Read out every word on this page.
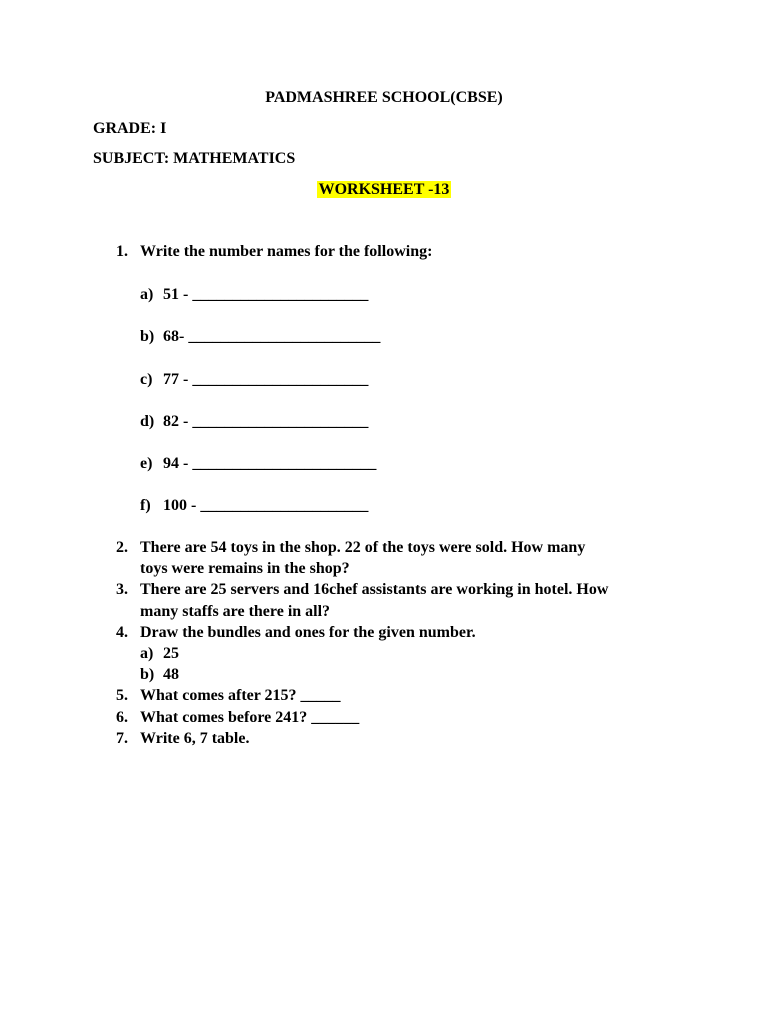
PADMASHREE SCHOOL(CBSE)
GRADE: I
SUBJECT: MATHEMATICS
WORKSHEET -13
1. Write the number names for the following:
a) 51 - ______________________
b) 68- ________________________
c) 77 - ______________________
d) 82 - ______________________
e) 94 - _______________________
f) 100 - _____________________
2. There are 54 toys in the shop. 22 of the toys were sold. How many
toys were remains in the shop?
3. There are 25 servers and 16chef assistants are working in hotel. How
many staffs are there in all?
4. Draw the bundles and ones for the given number.
a) 25
b) 48
5. What comes after 215? _____
6. What comes before 241? ______
7. Write 6, 7 table.
